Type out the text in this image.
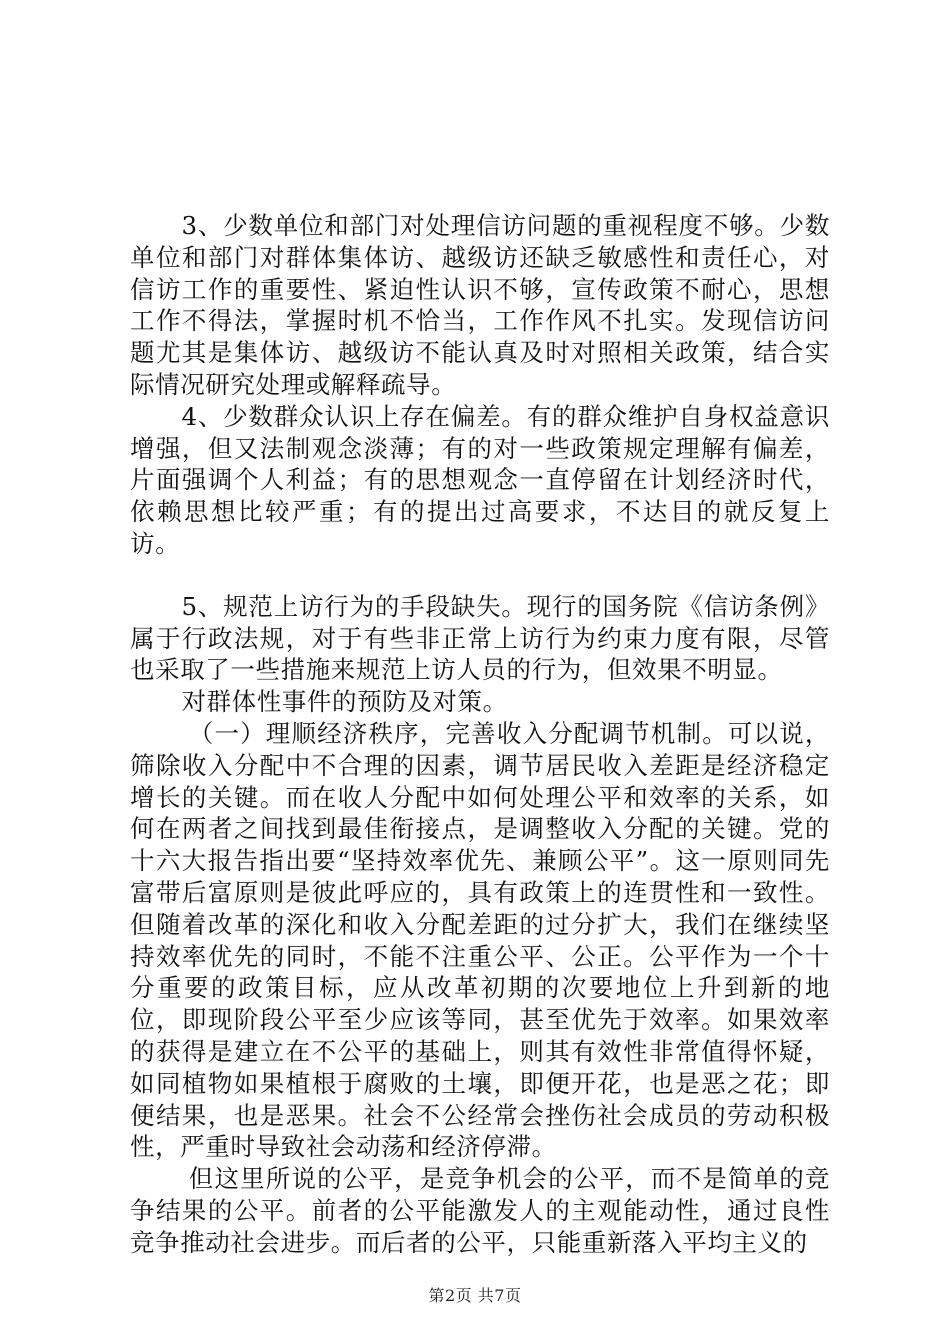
3、少数单位和部门对处理信访问题的重视程度不够。少数单位和部门对群体集体访、越级访还缺乏敏感性和责任心，对信访工作的重要性、紧迫性认识不够，宣传政策不耐心，思想工作不得法，掌握时机不恰当，工作作风不扎实。发现信访问题尤其是集体访、越级访不能认真及时对照相关政策，结合实际情况研究处理或解释疏导。

4、少数群众认识上存在偏差。有的群众维护自身权益意识增强，但又法制观念淡薄；有的对一些政策规定理解有偏差，片面强调个人利益；有的思想观念一直停留在计划经济时代，依赖思想比较严重；有的提出过高要求，不达目的就反复上访。

5、规范上访行为的手段缺失。现行的国务院《信访条例》属于行政法规，对于有些非正常上访行为约束力度有限，尽管也采取了一些措施来规范上访人员的行为，但效果不明显。

对群体性事件的预防及对策。

（一）理顺经济秩序，完善收入分配调节机制。可以说，筛除收入分配中不合理的因素，调节居民收入差距是经济稳定增长的关键。而在收人分配中如何处理公平和效率的关系，如何在两者之间找到最佳衔接点，是调整收入分配的关键。党的十六大报告指出要“坚持效率优先、兼顾公平”。这一原则同先富带后富原则是彼此呼应的，具有政策上的连贯性和一致性。但随着改革的深化和收入分配差距的过分扩大，我们在继续坚持效率优先的同时，不能不注重公平、公正。公平作为一个十分重要的政策目标，应从改革初期的次要地位上升到新的地位，即现阶段公平至少应该等同，甚至优先于效率。如果效率的获得是建立在不公平的基础上，则其有效性非常值得怀疑，如同植物如果植根于腐败的土壤，即便开花，也是恶之花；即便结果，也是恶果。社会不公经常会挫伤社会成员的劳动积极性，严重时导致社会动荡和经济停滞。

但这里所说的公平，是竞争机会的公平，而不是简单的竞争结果的公平。前者的公平能激发人的主观能动性，通过良性竞争推动社会进步。而后者的公平，只能重新落入平均主义的

第2页 共7页
